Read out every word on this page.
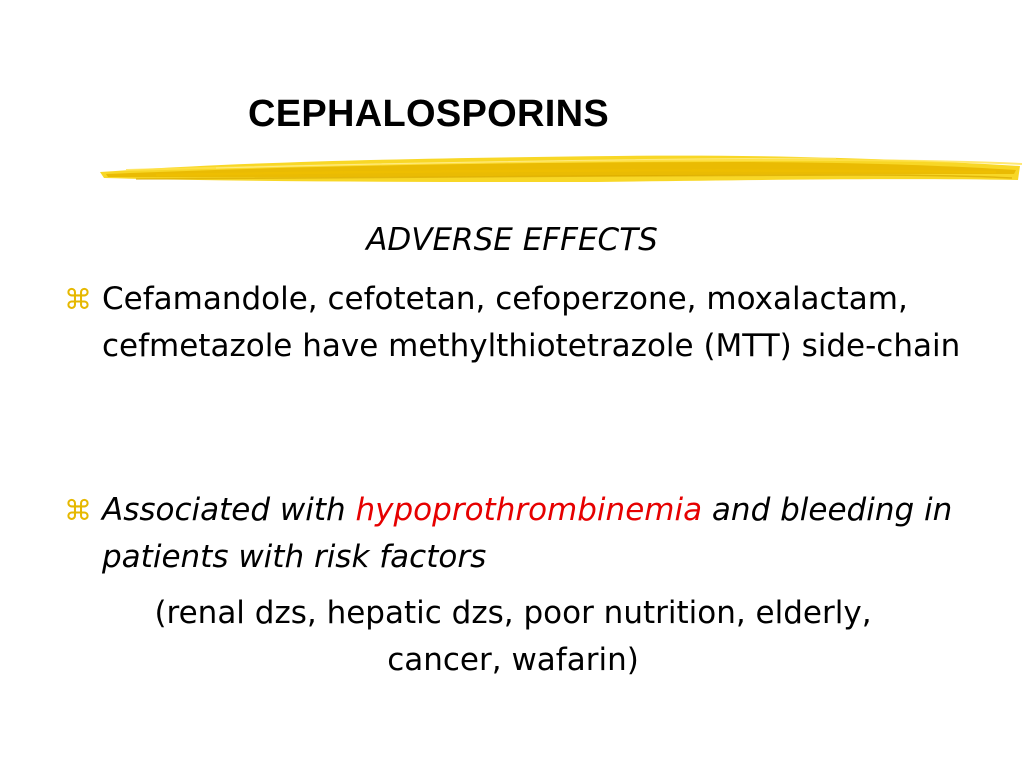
CEPHALOSPORINS
ADVERSE EFFECTS
⌘ Cefamandole, cefotetan, cefoperzone, moxalactam, cefmetazole have methylthiotetrazole (MTT) side-chain
⌘ Associated with hypoprothrombinemia and bleeding in patients with risk factors
(renal dzs, hepatic dzs, poor nutrition, elderly, cancer, wafarin)
